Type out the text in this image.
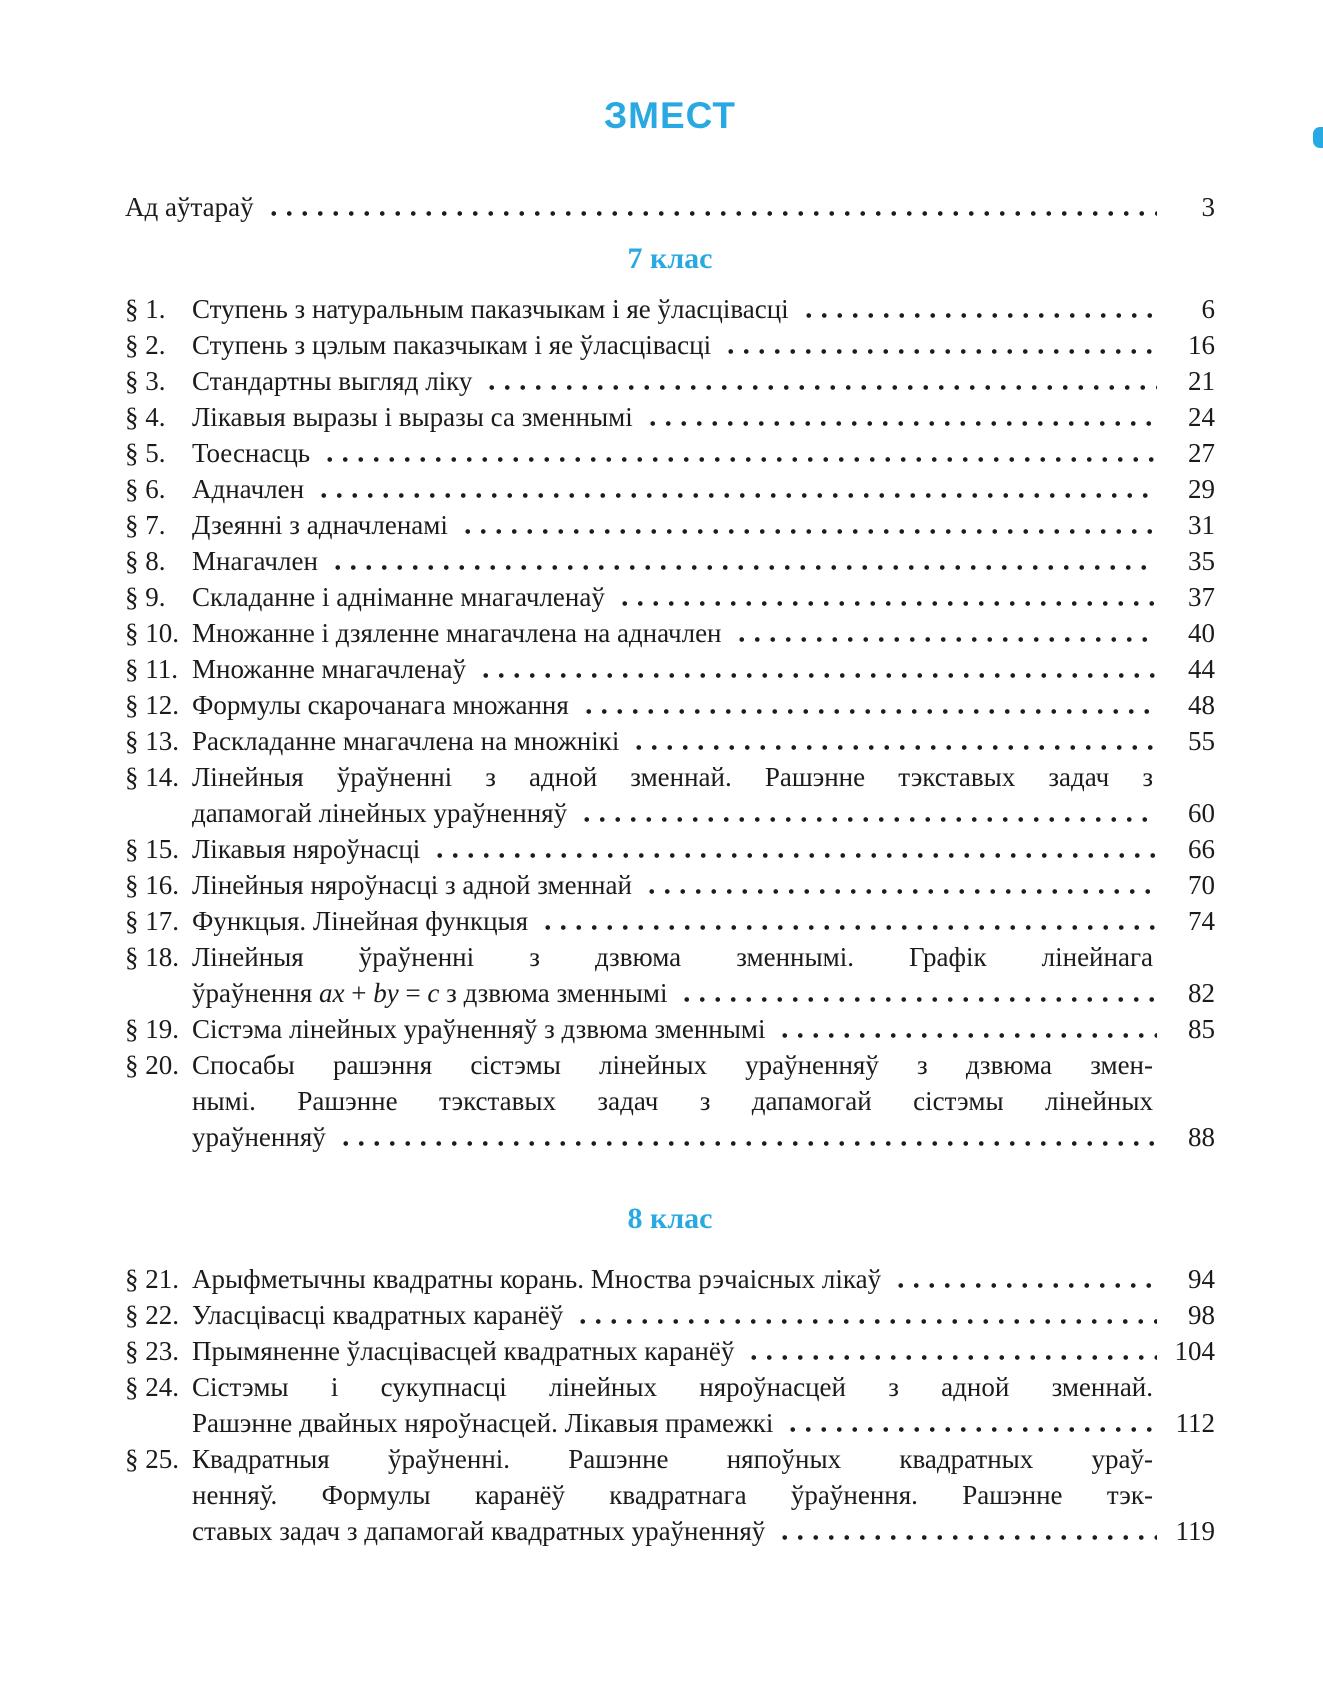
ЗМЕСТ
Ад аўтараў	3
7 клас
§ 1. Ступень з натуральным паказчыкам і яе ўласцівасці	6
§ 2. Ступень з цэлым паказчыкам і яе ўласцівасці	16
§ 3. Стандартны выгляд ліку	21
§ 4. Лікавыя выразы і выразы са зменнымі	24
§ 5. Тоеснасць	27
§ 6. Адначлен	29
§ 7. Дзеянні з адначленамі	31
§ 8. Мнагачлен	35
§ 9. Складанне і адніманне мнагачленаў	37
§ 10. Множанне і дзяленне мнагачлена на адначлен	40
§ 11. Множанне мнагачленаў	44
§ 12. Формулы скарочанага множання	48
§ 13. Раскладанне мнагачлена на множнікі	55
§ 14. Лінейныя ўраўненні з адной зменнай. Рашэнне тэкставых задач з
дапамогай лінейных ураўненняў	60
§ 15. Лікавыя няроўнасці	66
§ 16. Лінейныя няроўнасці з адной зменнай	70
§ 17. Функцыя. Лінейная функцыя	74
§ 18. Лінейныя ўраўненні з дзвюма зменнымі. Графік лінейнага
ўраўнення ax + by = c з дзвюма зменнымі	82
§ 19. Сістэма лінейных ураўненняў з дзвюма зменнымі	85
§ 20. Спосабы рашэння сістэмы лінейных ураўненняў з дзвюма змен-
нымі. Рашэнне тэкставых задач з дапамогай сістэмы лінейных
ураўненняў	88
8 клас
§ 21. Арыфметычны квадратны корань. Мноства рэчаісных лікаў	94
§ 22. Уласцівасці квадратных каранёў	98
§ 23. Прымяненне ўласцівасцей квадратных каранёў	104
§ 24. Сістэмы і сукупнасці лінейных няроўнасцей з адной зменнай.
Рашэнне двайных няроўнасцей. Лікавыя прамежкі	112
§ 25. Квадратныя ўраўненні. Рашэнне няпоўных квадратных ураў-
ненняў. Формулы каранёў квадратнага ўраўнення. Рашэнне тэк-
ставых задач з дапамогай квадратных ураўненняў	119
